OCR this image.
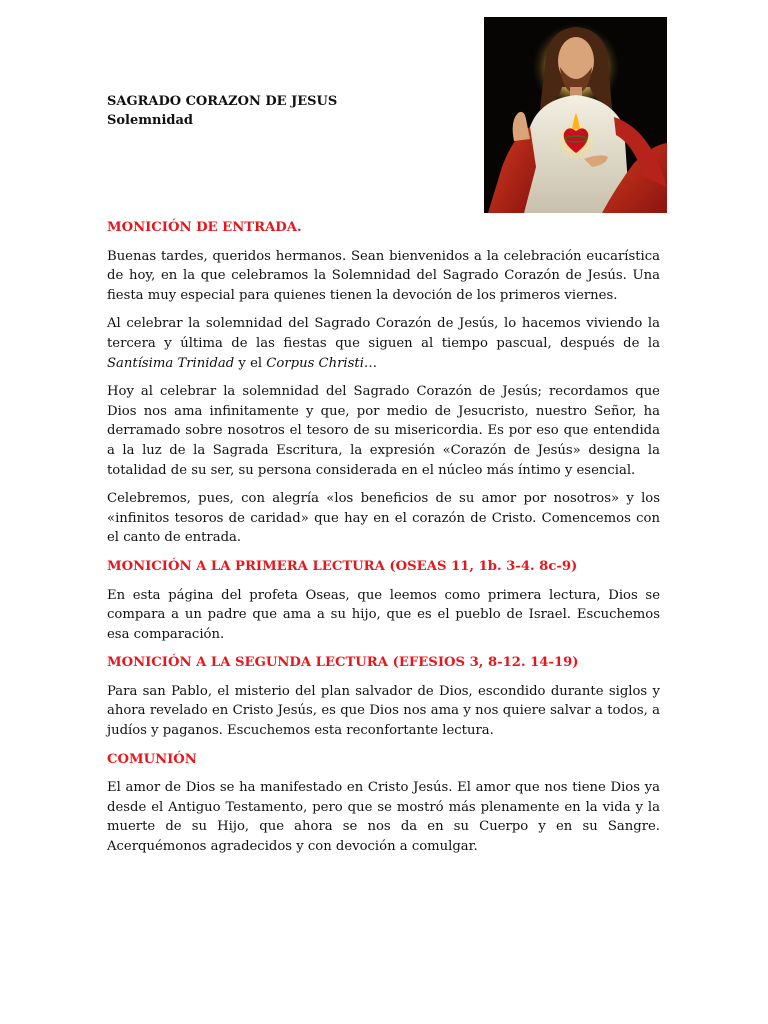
SAGRADO CORAZON DE JESUS
Solemnidad
MONICIÓN DE ENTRADA.

Buenas tardes, queridos hermanos. Sean bienvenidos a la celebración eucarística de hoy, en la que celebramos la Solemnidad del Sagrado Corazón de Jesús. Una fiesta muy especial para quienes tienen la devoción de los primeros viernes.

Al celebrar la solemnidad del Sagrado Corazón de Jesús, lo hacemos viviendo la tercera y última de las fiestas que siguen al tiempo pascual, después de la Santísima Trinidad y el Corpus Christi…

Hoy al celebrar la solemnidad del Sagrado Corazón de Jesús; recordamos que Dios nos ama infinitamente y que, por medio de Jesucristo, nuestro Señor, ha derramado sobre nosotros el tesoro de su misericordia. Es por eso que entendida a la luz de la Sagrada Escritura, la expresión «Corazón de Jesús» designa la totalidad de su ser, su persona considerada en el núcleo más íntimo y esencial.

Celebremos, pues, con alegría «los beneficios de su amor por nosotros» y los «infinitos tesoros de caridad» que hay en el corazón de Cristo. Comencemos con el canto de entrada.

MONICIÓN A LA PRIMERA LECTURA (OSEAS 11, 1b. 3-4. 8c-9)

En esta página del profeta Oseas, que leemos como primera lectura, Dios se compara a un padre que ama a su hijo, que es el pueblo de Israel. Escuchemos esa comparación.

MONICIÓN A LA SEGUNDA LECTURA (EFESIOS 3, 8-12. 14-19)

Para san Pablo, el misterio del plan salvador de Dios, escondido durante siglos y ahora revelado en Cristo Jesús, es que Dios nos ama y nos quiere salvar a todos, a judíos y paganos. Escuchemos esta reconfortante lectura.

COMUNIÓN

El amor de Dios se ha manifestado en Cristo Jesús. El amor que nos tiene Dios ya desde el Antiguo Testamento, pero que se mostró más plenamente en la vida y la muerte de su Hijo, que ahora se nos da en su Cuerpo y en su Sangre. Acerquémonos agradecidos y con devoción a comulgar.
